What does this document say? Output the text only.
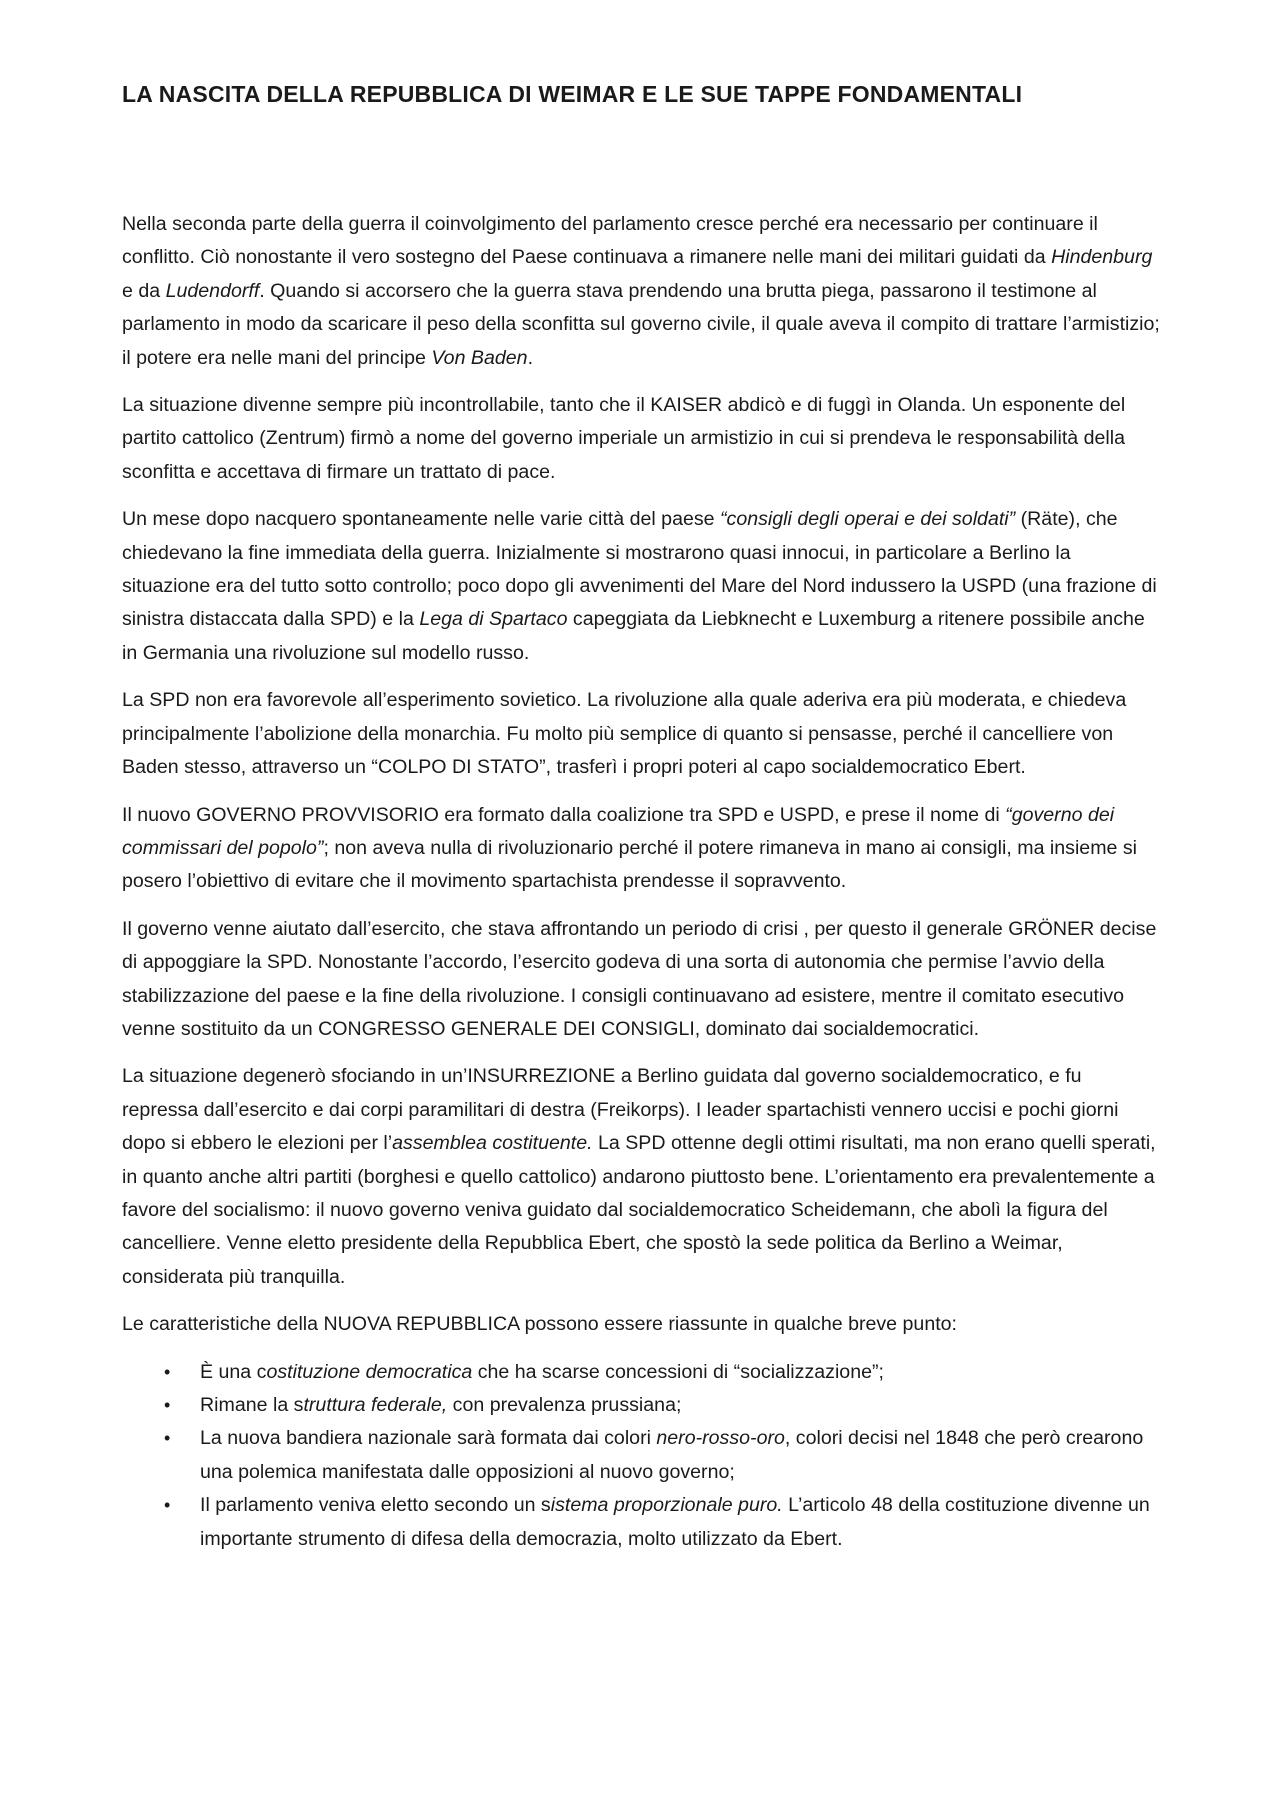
LA NASCITA DELLA REPUBBLICA DI WEIMAR E LE SUE TAPPE FONDAMENTALI

Nella seconda parte della guerra il coinvolgimento del parlamento cresce perché era necessario per continuare il conflitto. Ciò nonostante il vero sostegno del Paese continuava a rimanere nelle mani dei militari guidati da Hindenburg e da Ludendorff. Quando si accorsero che la guerra stava prendendo una brutta piega, passarono il testimone al parlamento in modo da scaricare il peso della sconfitta sul governo civile, il quale aveva il compito di trattare l’armistizio; il potere era nelle mani del principe Von Baden.

La situazione divenne sempre più incontrollabile, tanto che il KAISER abdicò e di fuggì in Olanda. Un esponente del partito cattolico (Zentrum) firmò a nome del governo imperiale un armistizio in cui si prendeva le responsabilità della sconfitta e accettava di firmare un trattato di pace.

Un mese dopo nacquero spontaneamente nelle varie città del paese “consigli degli operai e dei soldati” (Räte), che chiedevano la fine immediata della guerra. Inizialmente si mostrarono quasi innocui, in particolare a Berlino la situazione era del tutto sotto controllo; poco dopo gli avvenimenti del Mare del Nord indussero la USPD (una frazione di sinistra distaccata dalla SPD) e la Lega di Spartaco capeggiata da Liebknecht e Luxemburg a ritenere possibile anche in Germania una rivoluzione sul modello russo.

La SPD non era favorevole all’esperimento sovietico. La rivoluzione alla quale aderiva era più moderata, e chiedeva principalmente l’abolizione della monarchia. Fu molto più semplice di quanto si pensasse, perché il cancelliere von Baden stesso, attraverso un “COLPO DI STATO”, trasferì i propri poteri al capo socialdemocratico Ebert.

Il nuovo GOVERNO PROVVISORIO era formato dalla coalizione tra SPD e USPD, e prese il nome di “governo dei commissari del popolo”; non aveva nulla di rivoluzionario perché il potere rimaneva in mano ai consigli, ma insieme si posero l’obiettivo di evitare che il movimento spartachista prendesse il sopravvento.

Il governo venne aiutato dall’esercito, che stava affrontando un periodo di crisi , per questo il generale GRÖNER decise di appoggiare la SPD. Nonostante l’accordo, l’esercito godeva di una sorta di autonomia che permise l’avvio della stabilizzazione del paese e la fine della rivoluzione. I consigli continuavano ad esistere, mentre il comitato esecutivo venne sostituito da un CONGRESSO GENERALE DEI CONSIGLI, dominato dai socialdemocratici.

La situazione degenerò sfociando in un’INSURREZIONE a Berlino guidata dal governo socialdemocratico, e fu repressa dall’esercito e dai corpi paramilitari di destra (Freikorps). I leader spartachisti vennero uccisi e pochi giorni dopo si ebbero le elezioni per l’assemblea costituente. La SPD ottenne degli ottimi risultati, ma non erano quelli sperati, in quanto anche altri partiti (borghesi e quello cattolico) andarono piuttosto bene. L’orientamento era prevalentemente a favore del socialismo: il nuovo governo veniva guidato dal socialdemocratico Scheidemann, che abolì la figura del cancelliere. Venne eletto presidente della Repubblica Ebert, che spostò la sede politica da Berlino a Weimar, considerata più tranquilla.

Le caratteristiche della NUOVA REPUBBLICA possono essere riassunte in qualche breve punto:

• È una costituzione democratica che ha scarse concessioni di “socializzazione”;
• Rimane la struttura federale, con prevalenza prussiana;
• La nuova bandiera nazionale sarà formata dai colori nero-rosso-oro, colori decisi nel 1848 che però crearono una polemica manifestata dalle opposizioni al nuovo governo;
• Il parlamento veniva eletto secondo un sistema proporzionale puro. L’articolo 48 della costituzione divenne un importante strumento di difesa della democrazia, molto utilizzato da Ebert.
